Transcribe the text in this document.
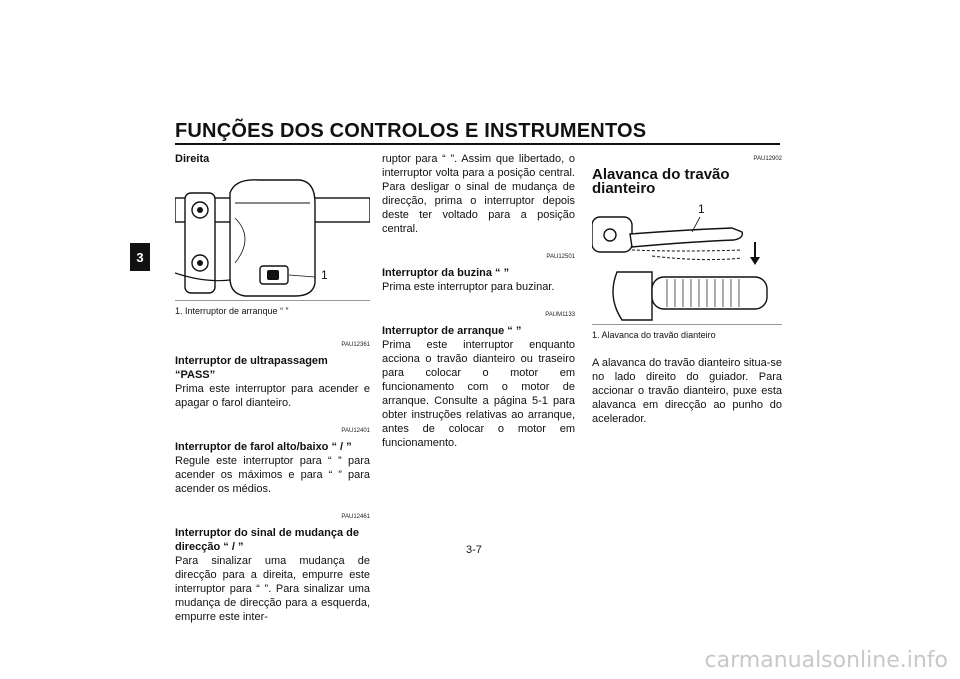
FUNÇÕES DOS CONTROLOS E INSTRUMENTOS
3
Direita
1
1. Interruptor de arranque “ ”
PAU12361
Interruptor de ultrapassagem “PASS”
Prima este interruptor para acender e apagar o farol dianteiro.
PAU12401
Interruptor de farol alto/baixo “ / ”
Regule este interruptor para “ ” para acender os máximos e para “ ” para acender os médios.
PAU12461
Interruptor do sinal de mudança de direcção “ / ”
Para sinalizar uma mudança de direcção para a direita, empurre este interruptor para “ ”. Para sinalizar uma mudança de direcção para a esquerda, empurre este inter-
ruptor para “ ”. Assim que libertado, o interruptor volta para a posição central. Para desligar o sinal de mudança de direcção, prima o interruptor depois deste ter voltado para a posição central.
PAU12501
Interruptor da buzina “ ”
Prima este interruptor para buzinar.
PAUM1133
Interruptor de arranque “ ”
Prima este interruptor enquanto acciona o travão dianteiro ou traseiro para colocar o motor em funcionamento com o motor de arranque. Consulte a página 5-1 para obter instruções relativas ao arranque, antes de colocar o motor em funcionamento.
PAU12902
Alavanca do travão dianteiro
1
1. Alavanca do travão dianteiro
A alavanca do travão dianteiro situa-se no lado direito do guiador. Para accionar o travão dianteiro, puxe esta alavanca em direcção ao punho do acelerador.
3-7
carmanualsonline.info
